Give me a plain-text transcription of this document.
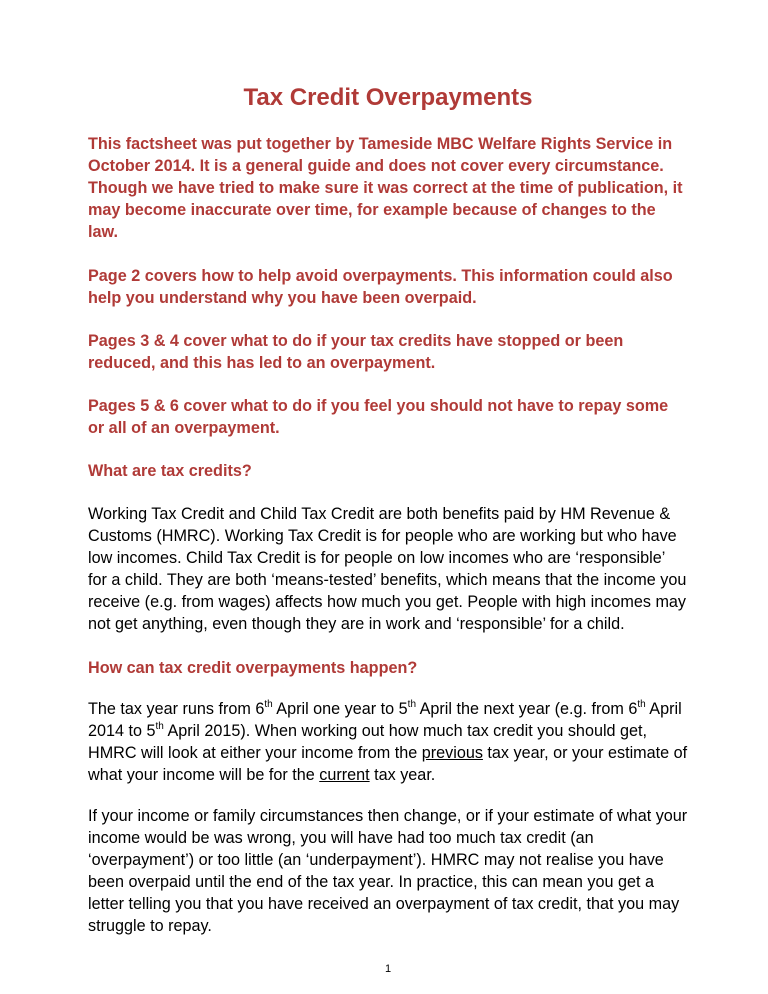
Tax Credit Overpayments

This factsheet was put together by Tameside MBC Welfare Rights Service in October 2014. It is a general guide and does not cover every circumstance. Though we have tried to make sure it was correct at the time of publication, it may become inaccurate over time, for example because of changes to the law.

Page 2 covers how to help avoid overpayments. This information could also help you understand why you have been overpaid.

Pages 3 & 4 cover what to do if your tax credits have stopped or been reduced, and this has led to an overpayment.

Pages 5 & 6 cover what to do if you feel you should not have to repay some or all of an overpayment.

What are tax credits?

Working Tax Credit and Child Tax Credit are both benefits paid by HM Revenue & Customs (HMRC). Working Tax Credit is for people who are working but who have low incomes. Child Tax Credit is for people on low incomes who are ‘responsible’ for a child. They are both ‘means-tested’ benefits, which means that the income you receive (e.g. from wages) affects how much you get. People with high incomes may not get anything, even though they are in work and ‘responsible’ for a child.

How can tax credit overpayments happen?

The tax year runs from 6th April one year to 5th April the next year (e.g. from 6th April 2014 to 5th April 2015). When working out how much tax credit you should get, HMRC will look at either your income from the previous tax year, or your estimate of what your income will be for the current tax year.

If your income or family circumstances then change, or if your estimate of what your income would be was wrong, you will have had too much tax credit (an ‘overpayment’) or too little (an ‘underpayment’). HMRC may not realise you have been overpaid until the end of the tax year. In practice, this can mean you get a letter telling you that you have received an overpayment of tax credit, that you may struggle to repay.

1
